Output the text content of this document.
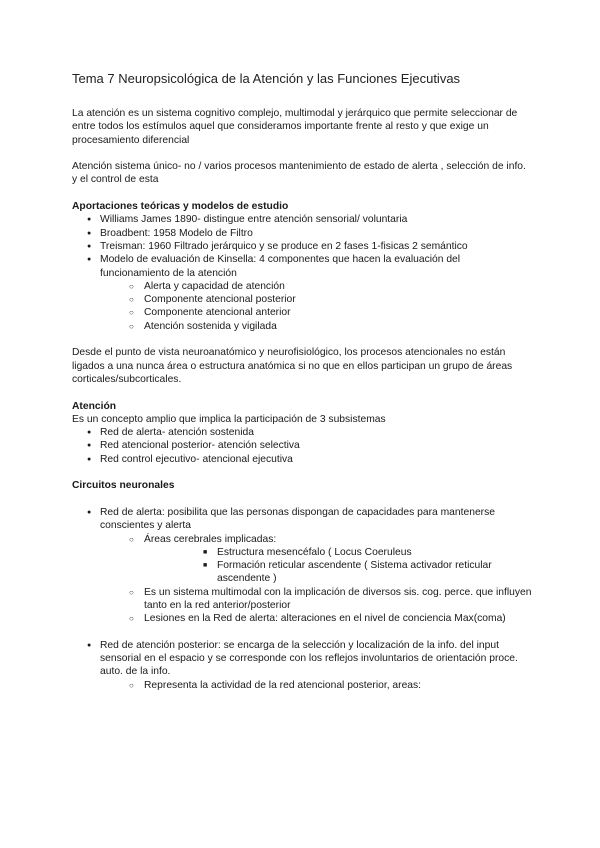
Tema 7 Neuropsicológica de la Atención y las Funciones Ejecutivas

La atención es un sistema cognitivo complejo, multimodal y jerárquico que permite seleccionar de entre todos los estímulos aquel que consideramos importante frente al resto y que exige un procesamiento diferencial

Atención sistema único- no / varios procesos mantenimiento de estado de alerta , selección de info. y el control de esta

Aportaciones teóricas y modelos de estudio

● Williams James 1890- distingue entre atención sensorial/ voluntaria
● Broadbent: 1958 Modelo de Filtro
● Treisman: 1960 Filtrado jerárquico y se produce en 2 fases 1-fisicas 2 semántico
● Modelo de evaluación de Kinsella: 4 componentes que hacen la evaluación del funcionamiento de la atención
○ Alerta y capacidad de atención
○ Componente atencional posterior
○ Componente atencional anterior
○ Atención sostenida y vigilada

Desde el punto de vista neuroanatómico y neurofisiológico, los procesos atencionales no están ligados a una nunca área o estructura anatómica si no que en ellos participan un grupo de áreas corticales/subcorticales.

Atención

Es un concepto amplio que implica la participación de 3 subsistemas

● Red de alerta- atención sostenida
● Red atencional posterior- atención selectiva
● Red control ejecutivo- atencional ejecutiva

Circuitos neuronales

● Red de alerta: posibilita que las personas dispongan de capacidades para mantenerse conscientes y alerta
○ Áreas cerebrales implicadas:
■ Estructura mesencéfalo ( Locus Coeruleus
■ Formación reticular ascendente ( Sistema activador reticular ascendente )
○ Es un sistema multimodal con la implicación de diversos sis. cog. perce. que influyen tanto en la red anterior/posterior
○ Lesiones en la Red de alerta: alteraciones en el nivel de conciencia Max(coma)
● Red de atención posterior: se encarga de la selección y localización de la info. del input sensorial en el espacio y se corresponde con los reflejos involuntarios de orientación proce. auto. de la info.
○ Representa la actividad de la red atencional posterior, areas:
